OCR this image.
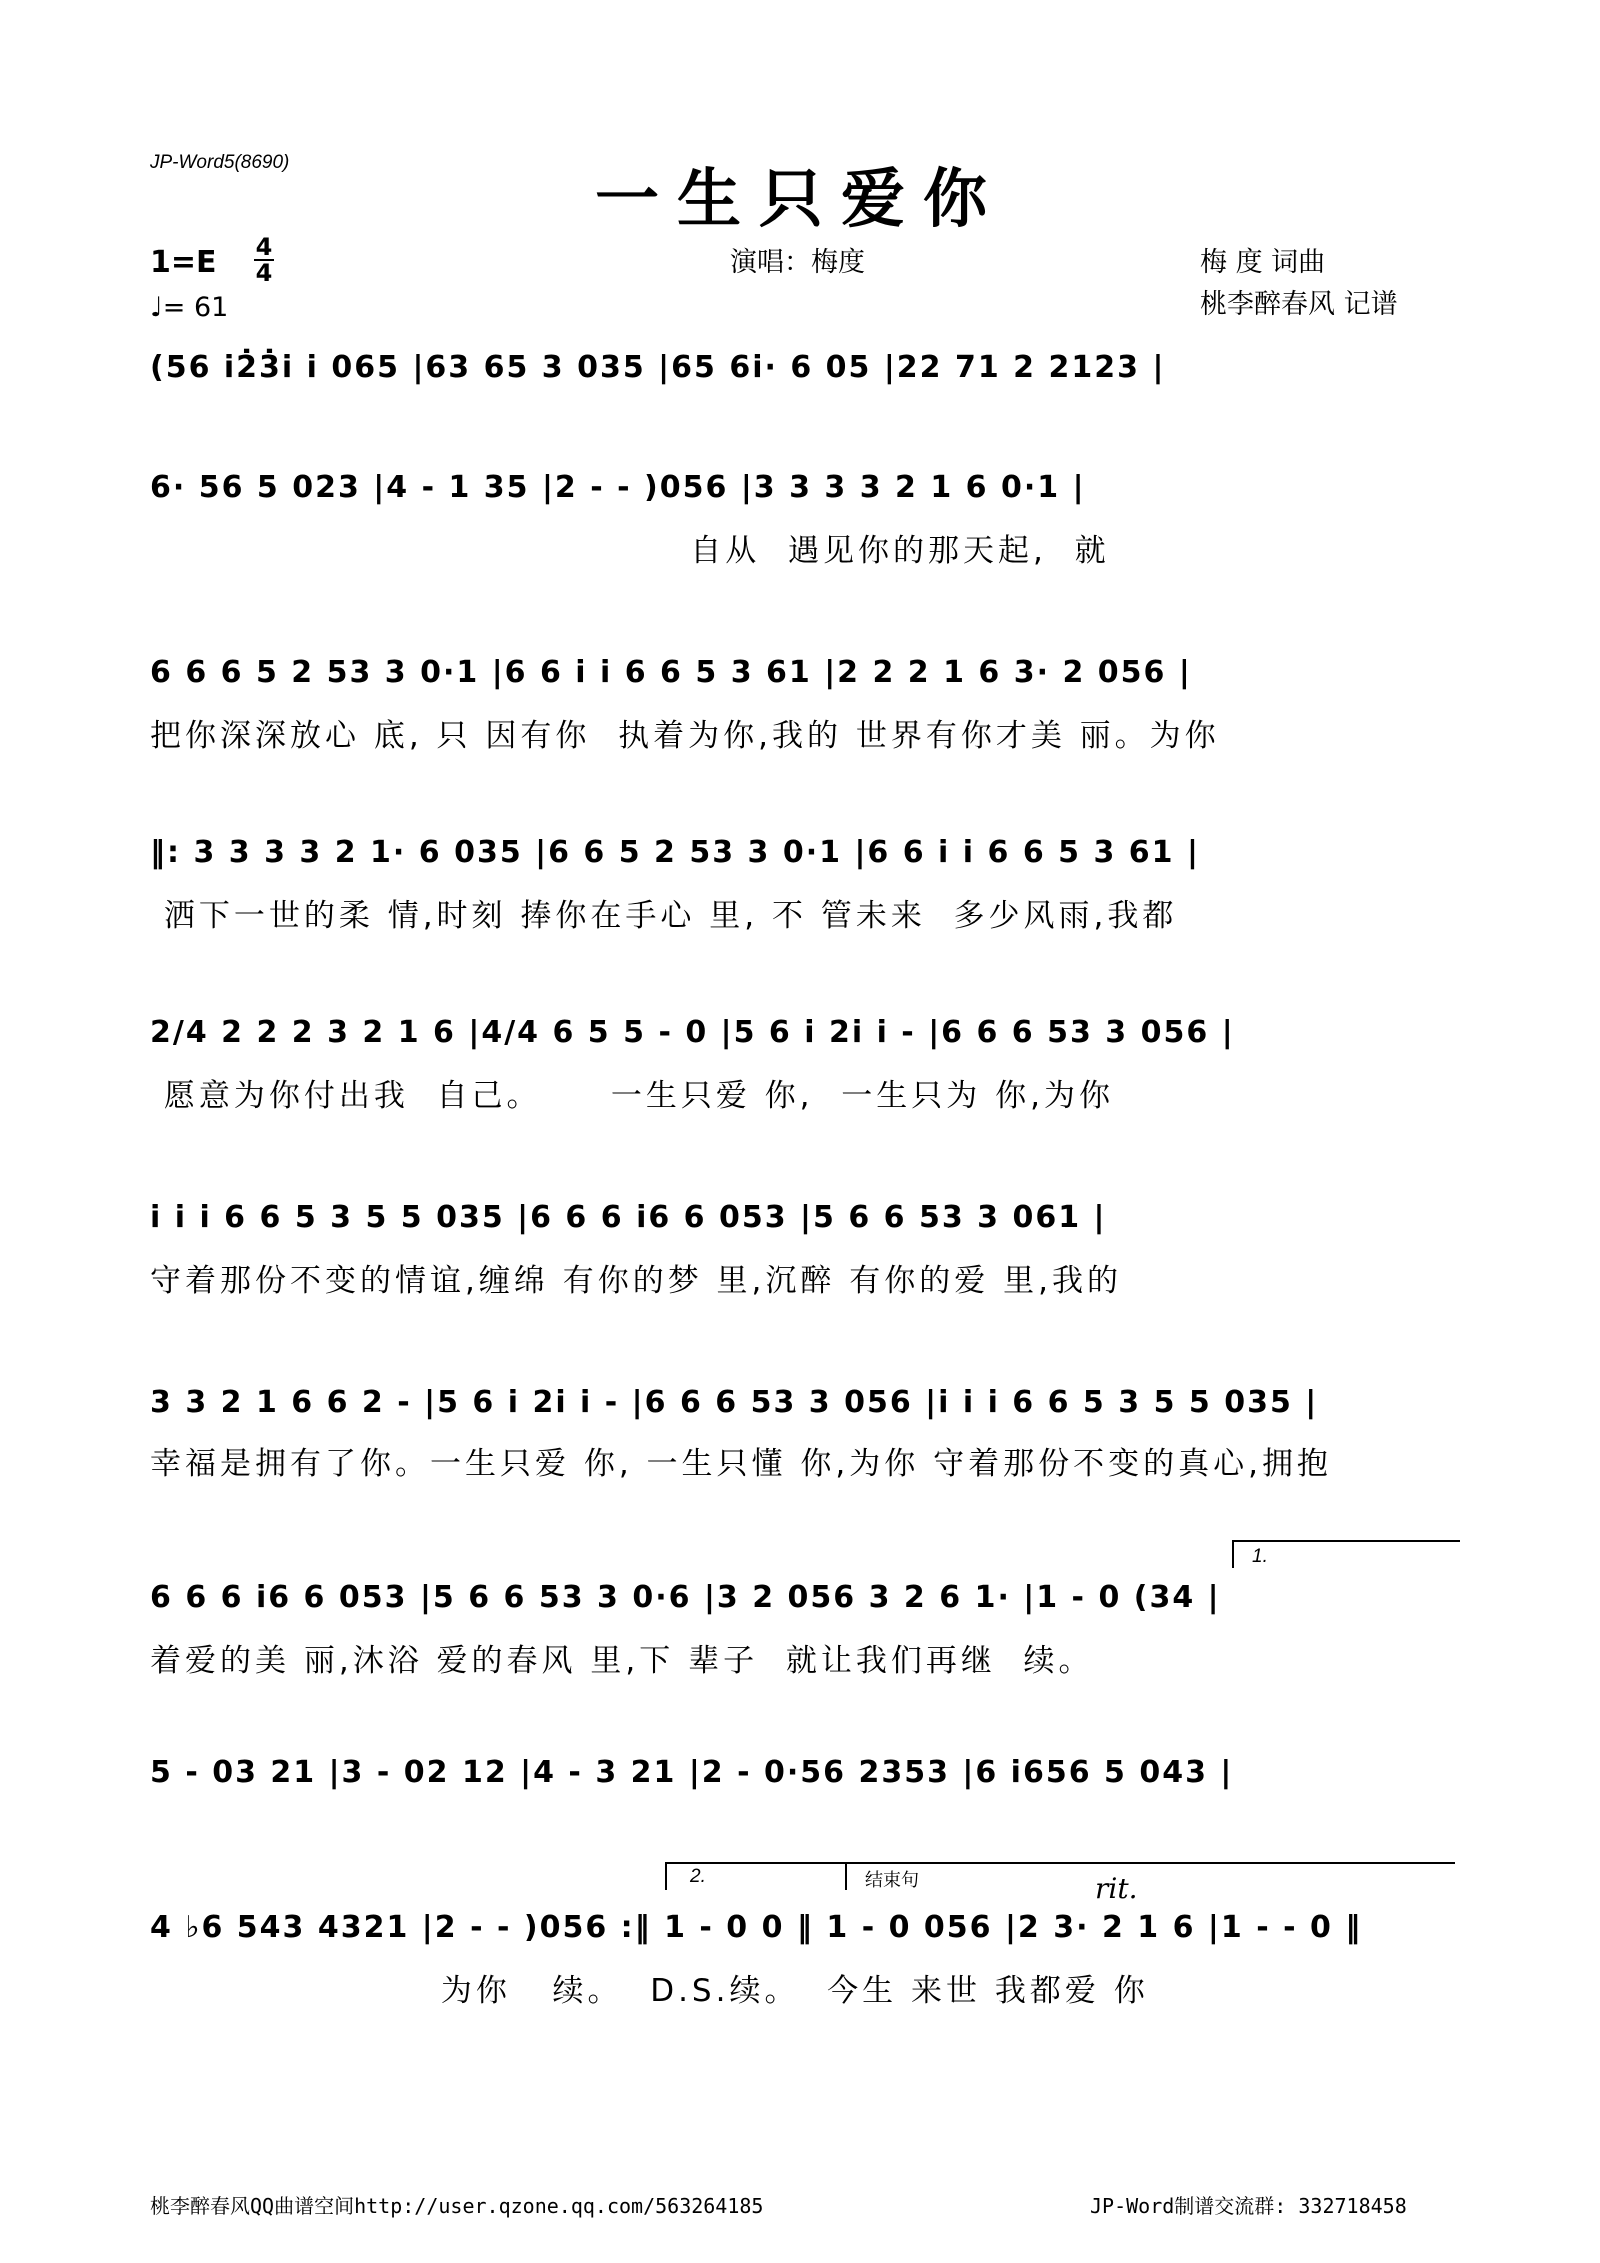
JP-Word5(8690)	一生只爱你
1=E 4
4
♩= 61
演唱：梅度	梅 度 词曲
桃李醉春风 记谱
(56 i2̇3̇i i 065 |63 65 3 035 |65 6i· 6 05 |22 71 2 2123 |
6· 56 5 023 |4 - 1 35 |2 - - )056 |3 3 3 3 2 1 6 0·1 |
自从  遇见你的那天起,  就
6 6 6 5 2 53 3 0·1 |6 6 i i 6 6 5 3 61 |2 2 2 1 6 3· 2 056 |
把你深深放心 底, 只 因有你  执着为你,我的 世界有你才美 丽。为你
‖: 3 3 3 3 2 1· 6 035 |6 6 5 2 53 3 0·1 |6 6 i i 6 6 5 3 61 |
洒下一世的柔 情,时刻 捧你在手心 里, 不 管未来  多少风雨,我都
2/4 2 2 2 3 2 1 6 |4/4 6 5 5 - 0 |5 6 i 2i i - |6 6 6 53 3 056 |
愿意为你付出我  自己。     一生只爱 你,  一生只为 你,为你
i i i 6 6 5 3 5 5 035 |6 6 6 i6 6 053 |5 6 6 53 3 061 |
守着那份不变的情谊,缠绵 有你的梦 里,沉醉 有你的爱 里,我的
3 3 2 1 6 6 2 - |5 6 i 2i i - |6 6 6 53 3 056 |i i i 6 6 5 3 5 5 035 |
幸福是拥有了你。一生只爱 你, 一生只懂 你,为你 守着那份不变的真心,拥抱
1.
6 6 6 i6 6 053 |5 6 6 53 3 0·6 |3 2 056 3 2 6 1· |1 - 0 (34 |
着爱的美 丽,沐浴 爱的春风 里,下 辈子  就让我们再继  续。
5 - 03 21 |3 - 02 12 |4 - 3 21 |2 - 0·56 2353 |6 i656 5 043 |
2.	结束句	rit.
4 ♭6 543 4321 |2 - - )056 :‖ 1 - 0 0 ‖ 1 - 0 056 |2 3· 2 1 6 |1 - - 0 ‖
为你   续。  D.S.续。  今生 来世 我都爱 你
桃李醉春风QQ曲谱空间http://user.qzone.qq.com/563264185	JP-Word制谱交流群: 332718458
